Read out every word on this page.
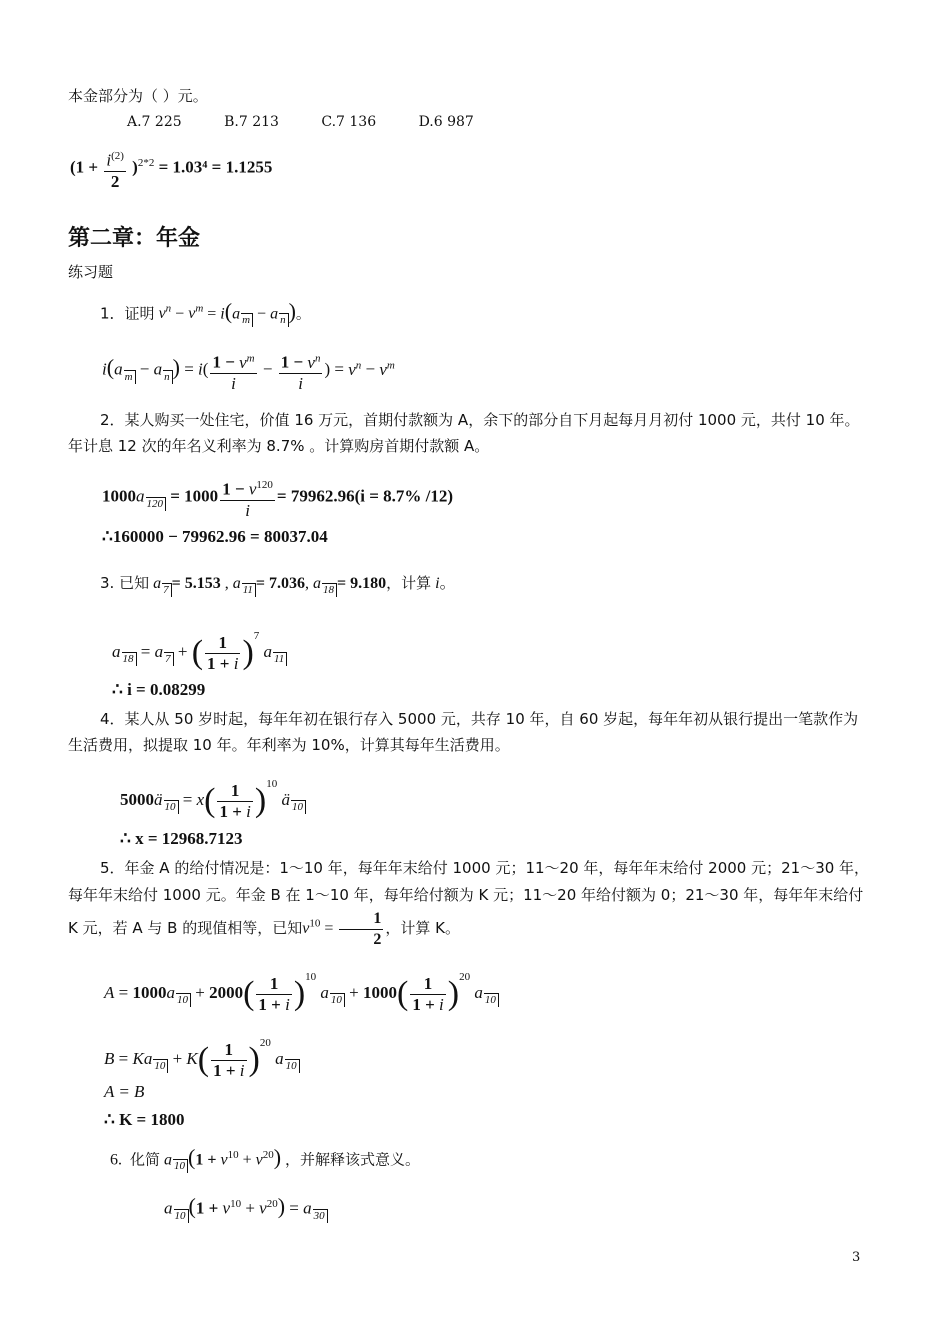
本金部分为（ ）元。
A.7 225	B.7 213	C.7 136	D.6 987
$(1 + \frac{i^{(2)}}{2} )^{2*2} = 1.03^4 = 1.1255$
第二章：年金
练习题
1．证明 $v^n - v^m = i(a$ m − a n )。
i(a m − a n ) = $i( \frac{1 - v^m}{i} - \frac{1 - v^n}{i}$ ) = $v^n - v^m$
2．某人购买一处住宅，价值 16 万元，首期付款额为 A，余下的部分自下月起每月月初付 1000 元，共付 10 年。年计息 12 次的年名义利率为 8.7% 。计算购房首期付款额 A。
1000a $120 = 1000 \frac{1 - v^{120}}{i} = 79962.96(i = 8.7\%$ /12)
∴160000 − 79962.96 = 80037.04
3. 已知 a 7 = 5.153 , a 11 = 7.036, a 18 = 9.180，计算 i。
a 18 = a 7 + ( $\frac{1}{1 + i} )^7$ a 11
∴ i = 0.08299
4．某人从 50 岁时起，每年年初在银行存入 5000 元，共存 10 年，自 60 岁起，每年年初从银行提出一笔款作为生活费用，拟提取 10 年。年利率为 10%，计算其每年生活费用。
5000ä $10 = x( \frac{1}{1 + i} )^{10}$ ä 10
∴ x = 12968.7123
5．年金 A 的给付情况是：1～10 年，每年年末给付 1000 元；11～20 年，每年年末给付 2000 元；21～30 年，每年年末给付 1000 元。年金 B 在 1～10 年，每年给付额为 K 元；11～20 年给付额为 0；21～30 年，每年年末给付 K 元，若 A 与 B 的现值相等，已知$v^{10} = \frac{1}{2}$ ，计算 K。
A = 1000a $10 + 2000( \frac{1}{1 + i} )^{10}$ a $10 + 1000( \frac{1}{1 + i} )^{20}$ a 10
B = Ka $10 + K( \frac{1}{1 + i} )^{20}$ a 10
A = B
∴ K = 1800
6. 化简 a 10 $(1 + v^{10} + v^{20})$ ，并解释该式意义。
a 10 $(1 + v^{10} + v^{20}) = a$ 30
3
